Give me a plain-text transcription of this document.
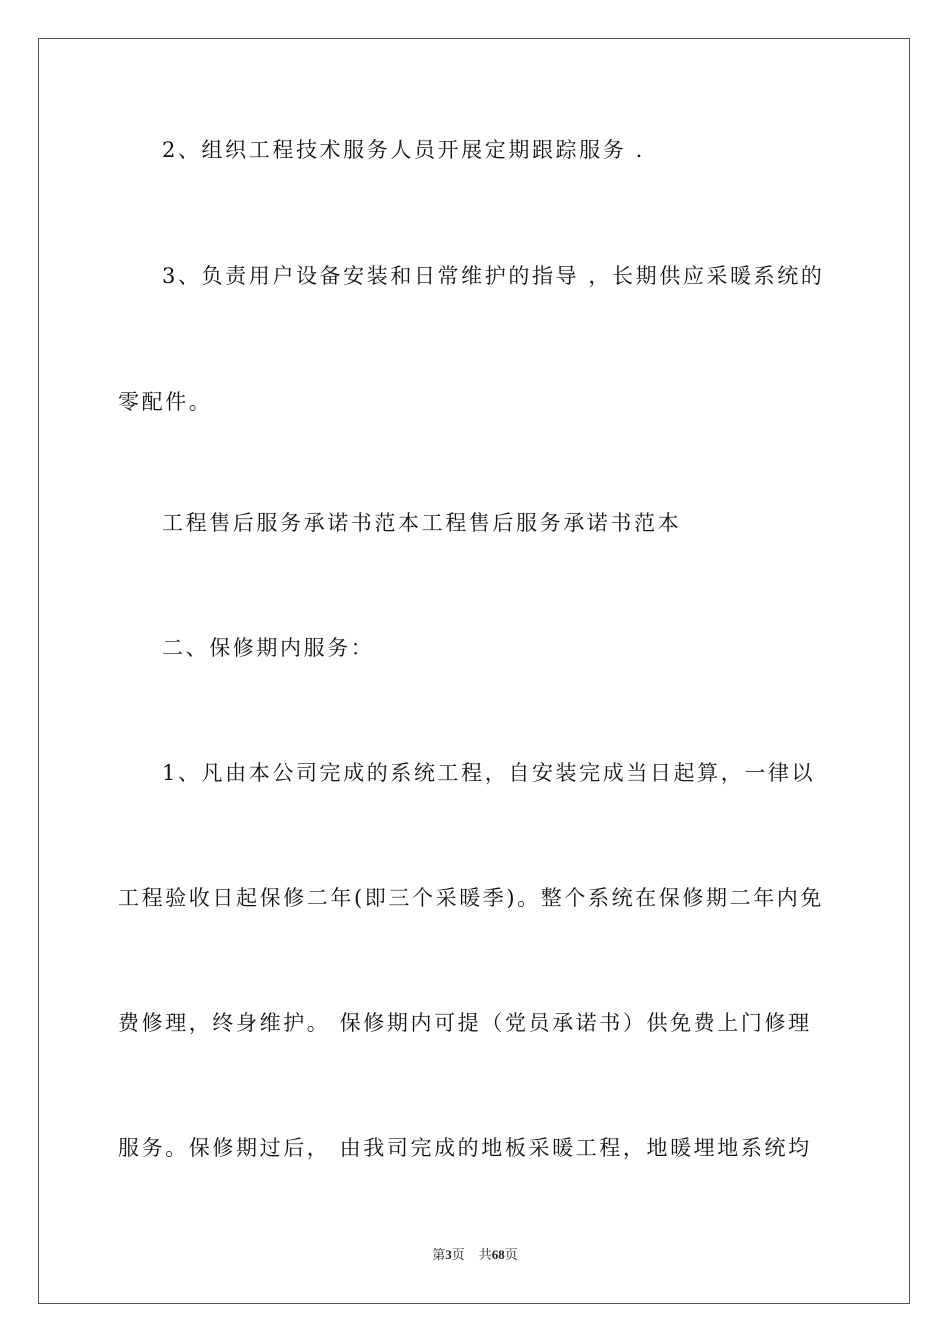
2、组织工程技术服务人员开展定期跟踪服务 .
3、负责用户设备安装和日常维护的指导 ，长期供应采暖系统的
零配件。
工程售后服务承诺书范本工程售后服务承诺书范本
二、保修期内服务：
1、凡由本公司完成的系统工程，自安装完成当日起算，一律以
工程验收日起保修二年(即三个采暖季)。整个系统在保修期二年内免
费修理，终身维护。 保修期内可提（党员承诺书）供免费上门修理
服务。保修期过后， 由我司完成的地板采暖工程，地暖埋地系统均
第3页 共68页
